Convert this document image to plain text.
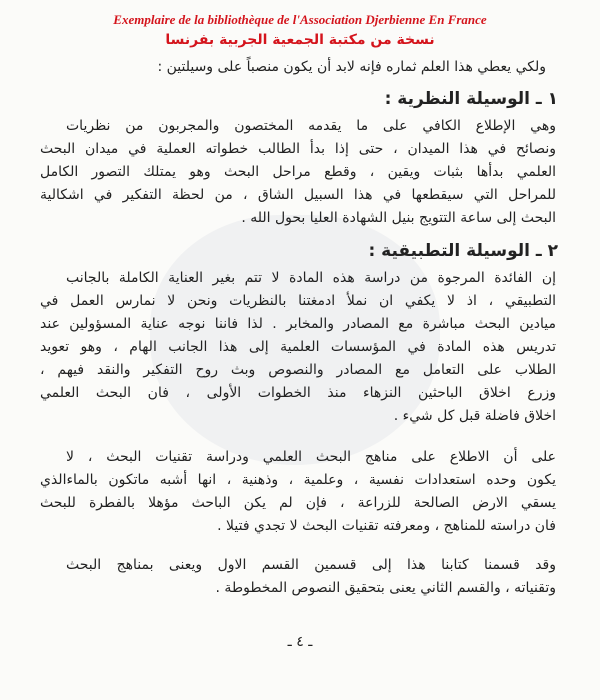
Exemplaire de la bibliothèque de l'Association Djerbienne En France
نسخة من مكتبة الجمعية الجربية بفرنسا
ولكي يعطي هذا العلم ثماره فإنه لابد أن يكون منصباً على وسيلتين :
١ ـ الوسيلة النظرية :
وهي الإطلاع الكافي على ما يقدمه المختصون والمجربون من نظريات
ونصائح في هذا الميدان ، حتى إذا بدأ الطالب خطواته العملية في ميدان البحث
العلمي بدأها بثبات ويقين ، وقطع مراحل البحث وهو يمتلك التصور الكامل
للمراحل التي سيقطعها في هذا السبيل الشاق ، من لحظة التفكير في اشكالية
البحث إلى ساعة التتويج بنيل الشهادة العليا بحول الله .
٢ ـ الوسيلة التطبيقية :
إن الفائدة المرجوة من دراسة هذه المادة لا تتم بغير العناية الكاملة بالجانب
التطبيقي ، اذ لا يكفي ان نملأ ادمغتنا بالنظريات ونحن لا نمارس العمل في
ميادين البحث مباشرة مع المصادر والمخابر . لذا فاننا نوجه عناية المسؤولين عند
تدريس هذه المادة في المؤسسات العلمية إلى هذا الجانب الهام ، وهو تعويد
الطلاب على التعامل مع المصادر والنصوص وبث روح التفكير والنقد فيهم ،
وزرع اخلاق الباحثين النزهاء منذ الخطوات الأولى ، فان البحث العلمي
اخلاق فاضلة قبل كل شيء .
على أن الاطلاع على مناهج البحث العلمي ودراسة تقنيات البحث ، لا
يكون وحده استعدادات نفسية ، وعلمية ، وذهنية ، انها أشبه ماتكون بالماءالذي
يسقي الارض الصالحة للزراعة ، فإن لم يكن الباحث مؤهلا بالفطرة للبحث
فان دراسته للمناهج ، ومعرفته تقنيات البحث لا تجدي فتيلا .
وقد قسمنا كتابنا هذا إلى قسمين القسم الاول ويعنى بمناهج البحث
وتقنياته ، والقسم الثاني يعنى بتحقيق النصوص المخطوطة .
ـ ٤ ـ
